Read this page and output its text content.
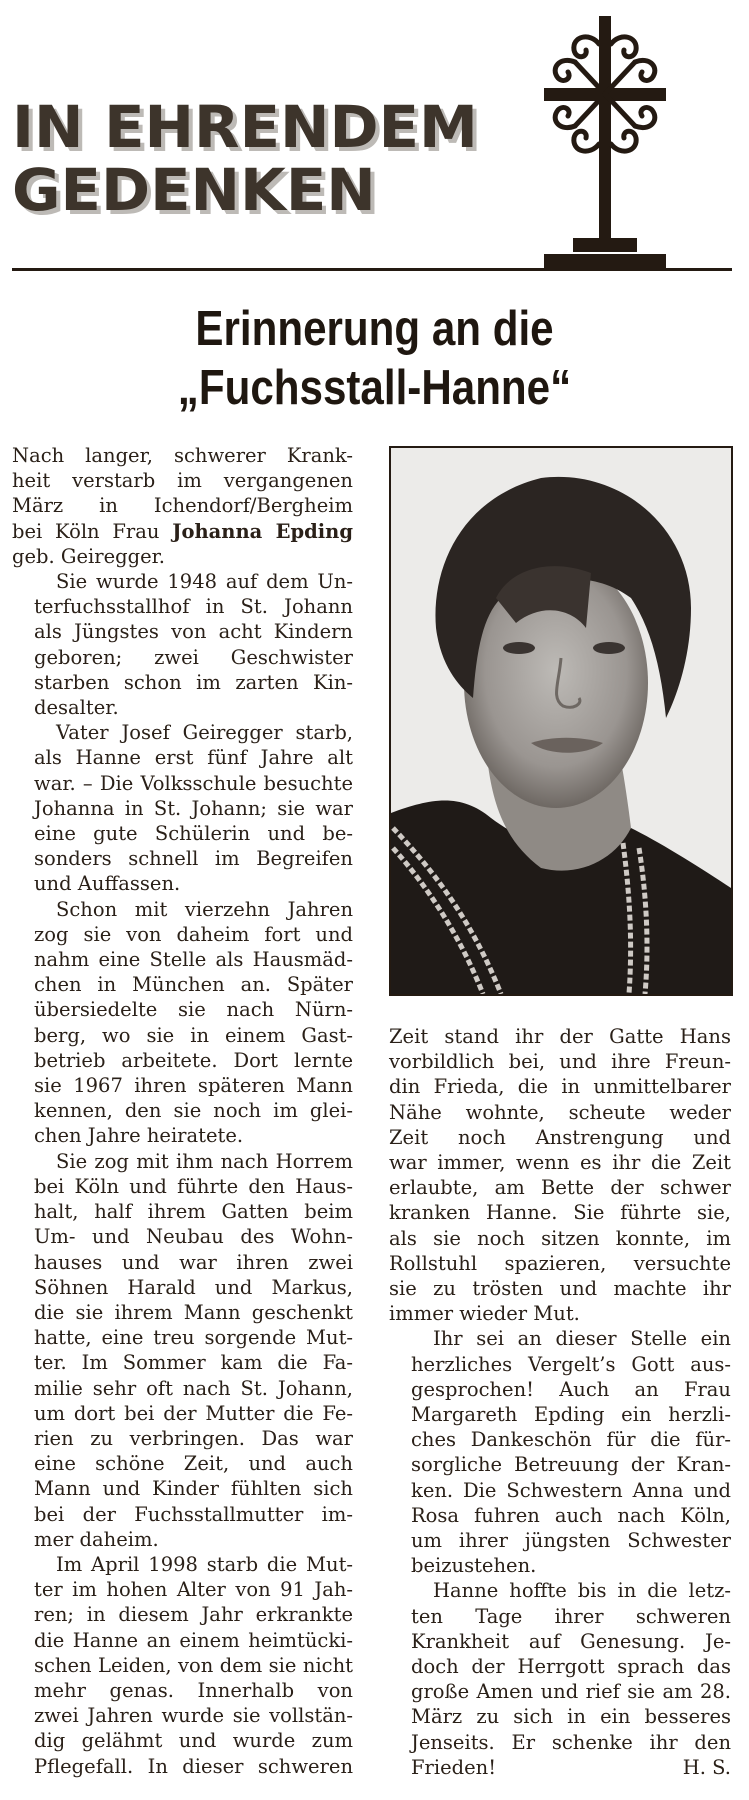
IN EHRENDEM
GEDENKEN
Erinnerung an die
„Fuchsstall-Hanne“

Nach langer, schwerer Krank-
heit verstarb im vergangenen
März in Ichendorf/Bergheim
bei Köln Frau Johanna Epding
geb. Geiregger.

Sie wurde 1948 auf dem Un-
terfuchsstallhof in St. Johann
als Jüngstes von acht Kindern
geboren; zwei Geschwister
starben schon im zarten Kin-
desalter.

Vater Josef Geiregger starb,
als Hanne erst fünf Jahre alt
war. – Die Volksschule besuchte
Johanna in St. Johann; sie war
eine gute Schülerin und be-
sonders schnell im Begreifen
und Auffassen.

Schon mit vierzehn Jahren
zog sie von daheim fort und
nahm eine Stelle als Hausmäd-
chen in München an. Später
übersiedelte sie nach Nürn-
berg, wo sie in einem Gast-
betrieb arbeitete. Dort lernte
sie 1967 ihren späteren Mann
kennen, den sie noch im glei-
chen Jahre heiratete.

Sie zog mit ihm nach Horrem
bei Köln und führte den Haus-
halt, half ihrem Gatten beim
Um- und Neubau des Wohn-
hauses und war ihren zwei
Söhnen Harald und Markus,
die sie ihrem Mann geschenkt
hatte, eine treu sorgende Mut-
ter. Im Sommer kam die Fa-
milie sehr oft nach St. Johann,
um dort bei der Mutter die Fe-
rien zu verbringen. Das war
eine schöne Zeit, und auch
Mann und Kinder fühlten sich
bei der Fuchsstallmutter im-
mer daheim.

Im April 1998 starb die Mut-
ter im hohen Alter von 91 Jah-
ren; in diesem Jahr erkrankte
die Hanne an einem heimtücki-
schen Leiden, von dem sie nicht
mehr genas. Innerhalb von
zwei Jahren wurde sie vollstän-
dig gelähmt und wurde zum
Pflegefall. In dieser schweren

Zeit stand ihr der Gatte Hans
vorbildlich bei, und ihre Freun-
din Frieda, die in unmittelbarer
Nähe wohnte, scheute weder
Zeit noch Anstrengung und
war immer, wenn es ihr die Zeit
erlaubte, am Bette der schwer
kranken Hanne. Sie führte sie,
als sie noch sitzen konnte, im
Rollstuhl spazieren, versuchte
sie zu trösten und machte ihr
immer wieder Mut.

Ihr sei an dieser Stelle ein
herzliches Vergelt’s Gott aus-
gesprochen! Auch an Frau
Margareth Epding ein herzli-
ches Dankeschön für die für-
sorgliche Betreuung der Kran-
ken. Die Schwestern Anna und
Rosa fuhren auch nach Köln,
um ihrer jüngsten Schwester
beizustehen.

Hanne hoffte bis in die letz-
ten Tage ihrer schweren
Krankheit auf Genesung. Je-
doch der Herrgott sprach das
große Amen und rief sie am 28.
März zu sich in ein besseres
Jenseits. Er schenke ihr den
Frieden!	H. S.
